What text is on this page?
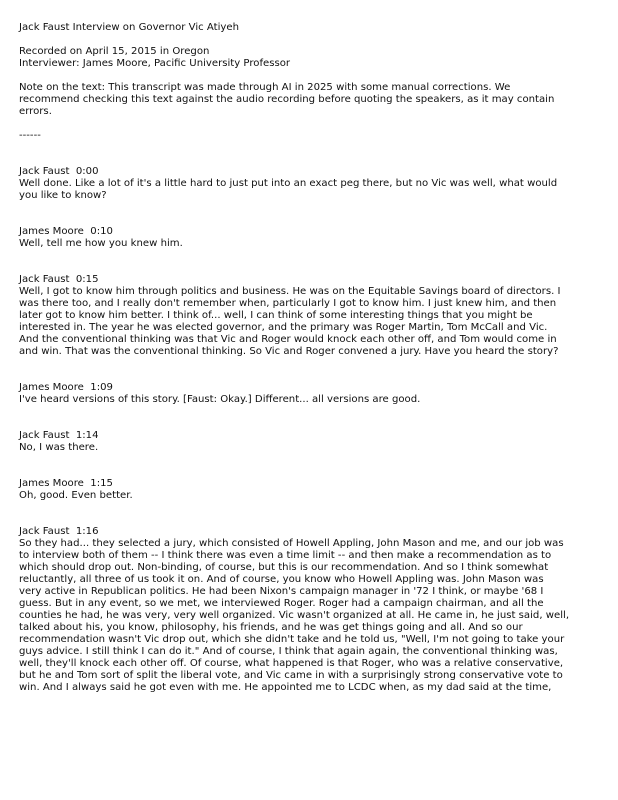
Jack Faust Interview on Governor Vic Atiyeh

Recorded on April 15, 2015 in Oregon

Interviewer: James Moore, Pacific University Professor

Note on the text: This transcript was made through AI in 2025 with some manual corrections. We

recommend checking this text against the audio recording before quoting the speakers, as it may contain

errors.

------

Jack Faust  0:00

Well done. Like a lot of it's a little hard to just put into an exact peg there, but no Vic was well, what would

you like to know?

James Moore  0:10

Well, tell me how you knew him.

Jack Faust  0:15

Well, I got to know him through politics and business. He was on the Equitable Savings board of directors. I

was there too, and I really don't remember when, particularly I got to know him. I just knew him, and then

later got to know him better. I think of... well, I can think of some interesting things that you might be

interested in. The year he was elected governor, and the primary was Roger Martin, Tom McCall and Vic.

And the conventional thinking was that Vic and Roger would knock each other off, and Tom would come in

and win. That was the conventional thinking. So Vic and Roger convened a jury. Have you heard the story?

James Moore  1:09

I've heard versions of this story. [Faust: Okay.] Different... all versions are good.

Jack Faust  1:14

No, I was there.

James Moore  1:15

Oh, good. Even better.

Jack Faust  1:16

So they had... they selected a jury, which consisted of Howell Appling, John Mason and me, and our job was

to interview both of them -- I think there was even a time limit -- and then make a recommendation as to

which should drop out. Non-binding, of course, but this is our recommendation. And so I think somewhat

reluctantly, all three of us took it on. And of course, you know who Howell Appling was. John Mason was

very active in Republican politics. He had been Nixon's campaign manager in '72 I think, or maybe '68 I

guess. But in any event, so we met, we interviewed Roger. Roger had a campaign chairman, and all the

counties he had, he was very, very well organized. Vic wasn't organized at all. He came in, he just said, well,

talked about his, you know, philosophy, his friends, and he was get things going and all. And so our

recommendation wasn't Vic drop out, which she didn't take and he told us, "Well, I'm not going to take your

guys advice. I still think I can do it." And of course, I think that again again, the conventional thinking was,

well, they'll knock each other off. Of course, what happened is that Roger, who was a relative conservative,

but he and Tom sort of split the liberal vote, and Vic came in with a surprisingly strong conservative vote to

win. And I always said he got even with me. He appointed me to LCDC when, as my dad said at the time,
